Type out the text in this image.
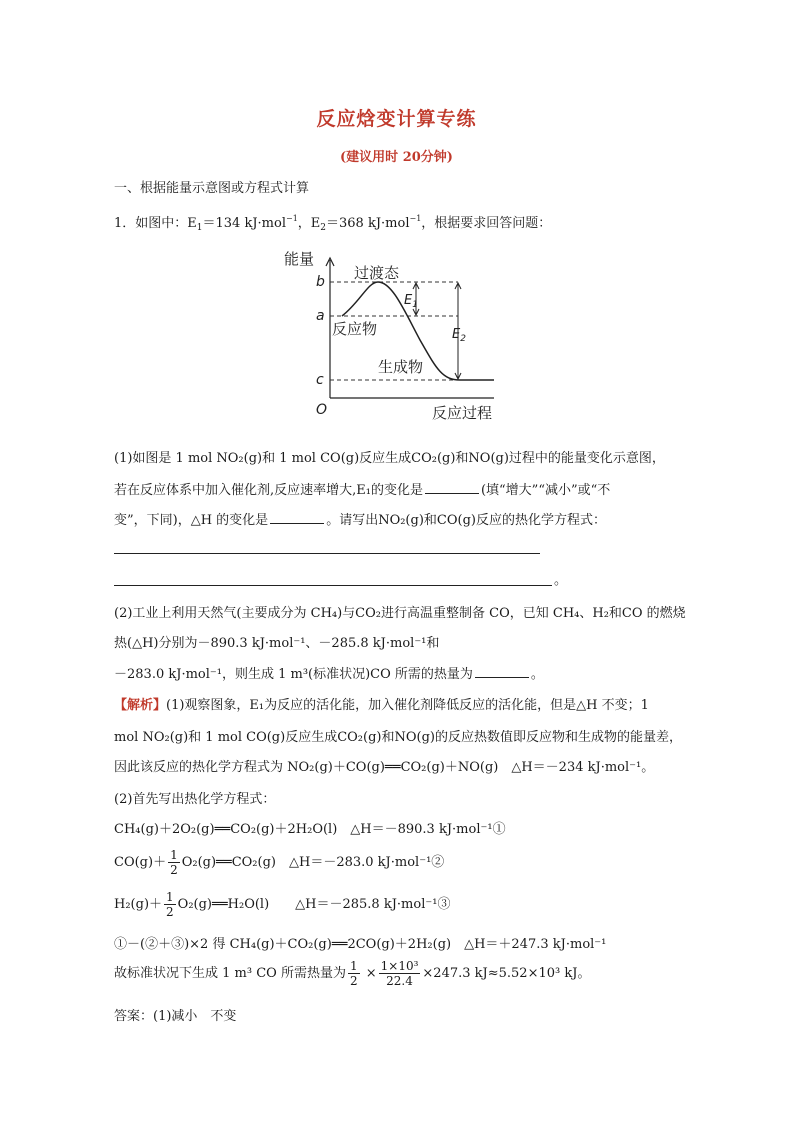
反应焓变计算专练
(建议用时 20分钟)
一、根据能量示意图或方程式计算
1．如图中：$E_1=134$ kJ·mol$^{-1}$，$E_2=368$ kJ·mol$^{-1}$，根据要求回答问题：
能量
b
a
c
O
过渡态
反应物
生成物
反应过程
$E_1$
$E_2$
(1)如图是 1 mol NO₂(g)和 1 mol CO(g)反应生成CO₂(g)和NO(g)过程中的能量变化示意图，
若在反应体系中加入催化剂,反应速率增大,E₁的变化是	(填“增大”“减小”或“不
变”，下同)，△H 的变化是	。请写出NO₂(g)和CO(g)反应的热化学方程式：
。
(2)工业上利用天然气(主要成分为 CH₄)与CO₂进行高温重整制备 CO，已知 CH₄、H₂和CO 的燃烧
热(△H)分别为－890.3 kJ·mol⁻¹、－285.8 kJ·mol⁻¹和
－283.0 kJ·mol⁻¹，则生成 1 m³(标准状况)CO 所需的热量为	。
【解析】(1)观察图象，E₁为反应的活化能，加入催化剂降低反应的活化能，但是△H 不变；1
mol NO₂(g)和 1 mol CO(g)反应生成CO₂(g)和NO(g)的反应热数值即反应物和生成物的能量差，
因此该反应的热化学方程式为 NO₂(g)＋CO(g)══CO₂(g)＋NO(g)　△H＝－234 kJ·mol⁻¹。
(2)首先写出热化学方程式：
CH₄(g)＋2O₂(g)══CO₂(g)＋2H₂O(l)　△H＝－890.3 kJ·mol⁻¹①
$CO(g)+ \frac{1}{2}$ O₂(g)══CO₂(g)　△H＝－283.0 kJ·mol⁻¹②
$H_2(g)+ \frac{1}{2}$ O₂(g)══H₂O(l)　　△H＝－285.8 kJ·mol⁻¹③
①－(②＋③)×2 得 CH₄(g)＋CO₂(g)══2CO(g)＋2H₂(g)　△H＝＋247.3 kJ·mol⁻¹
故标准状况下生成 1 m³ CO 所需热量为 $\frac{1}{2} \times \frac{\text{1×10³}}{22.4} \times 247.3$ kJ≈5.52×10³ kJ。
答案：(1)减小　不变
